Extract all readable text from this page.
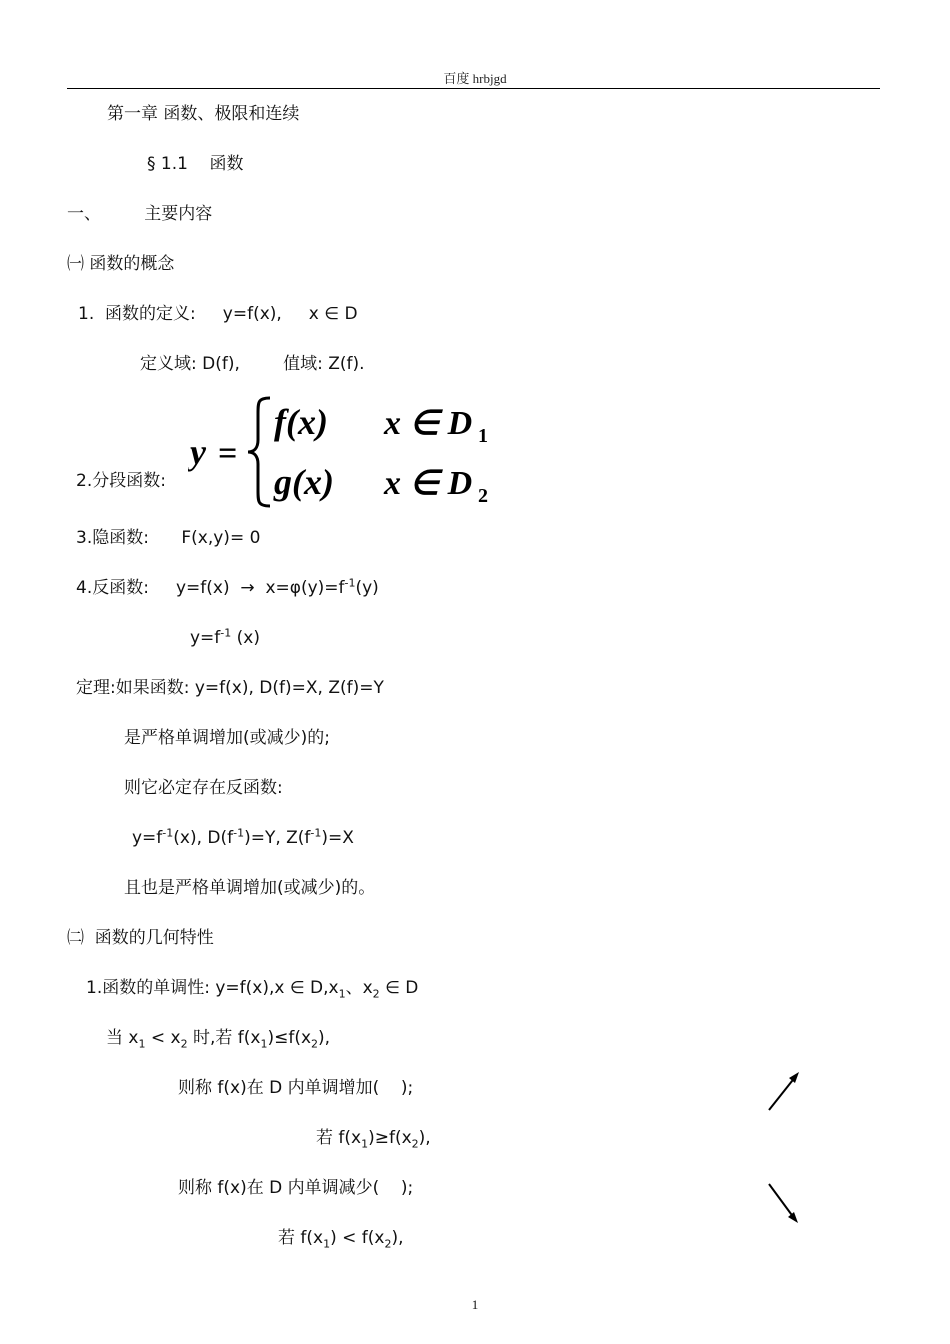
百度 hrbjgd
第一章 函数、极限和连续
§ 1.1    函数
一、        主要内容
㈠ 函数的概念
1.  函数的定义:     y=f(x),     x ∈ D
定义域: D(f),        值域: Z(f).
2.分段函数:
y =
f(x) x ∈ D 1
g(x) x ∈ D 2
3.隐函数:      F(x,y)= 0
4.反函数:     $y=f(x) \to x=\varphi(y)=f^{-1}(y)$
$y=f^{-1}$ (x)
定理:如果函数: y=f(x), D(f)=X, Z(f)=Y
是严格单调增加(或减少)的;
则它必定存在反函数:
$y=f^{-1}(x)$, $D(f^{-1})=Y$, $Z(f^{-1})=X$
且也是严格单调增加(或减少)的。
㈡  函数的几何特性
1.函数的单调性: y=f(x),x ∈ $D,x_1$、$x_2$ ∈ D
当 $x_1 < x_2$ 时,若 $f(x_1)\le f(x_2)$,
则称 f(x)在 D 内单调增加(    );
若 $f(x_1)\ge f(x_2)$,
则称 f(x)在 D 内单调减少(    );
若 $f(x_1) < f(x_2)$,
1
